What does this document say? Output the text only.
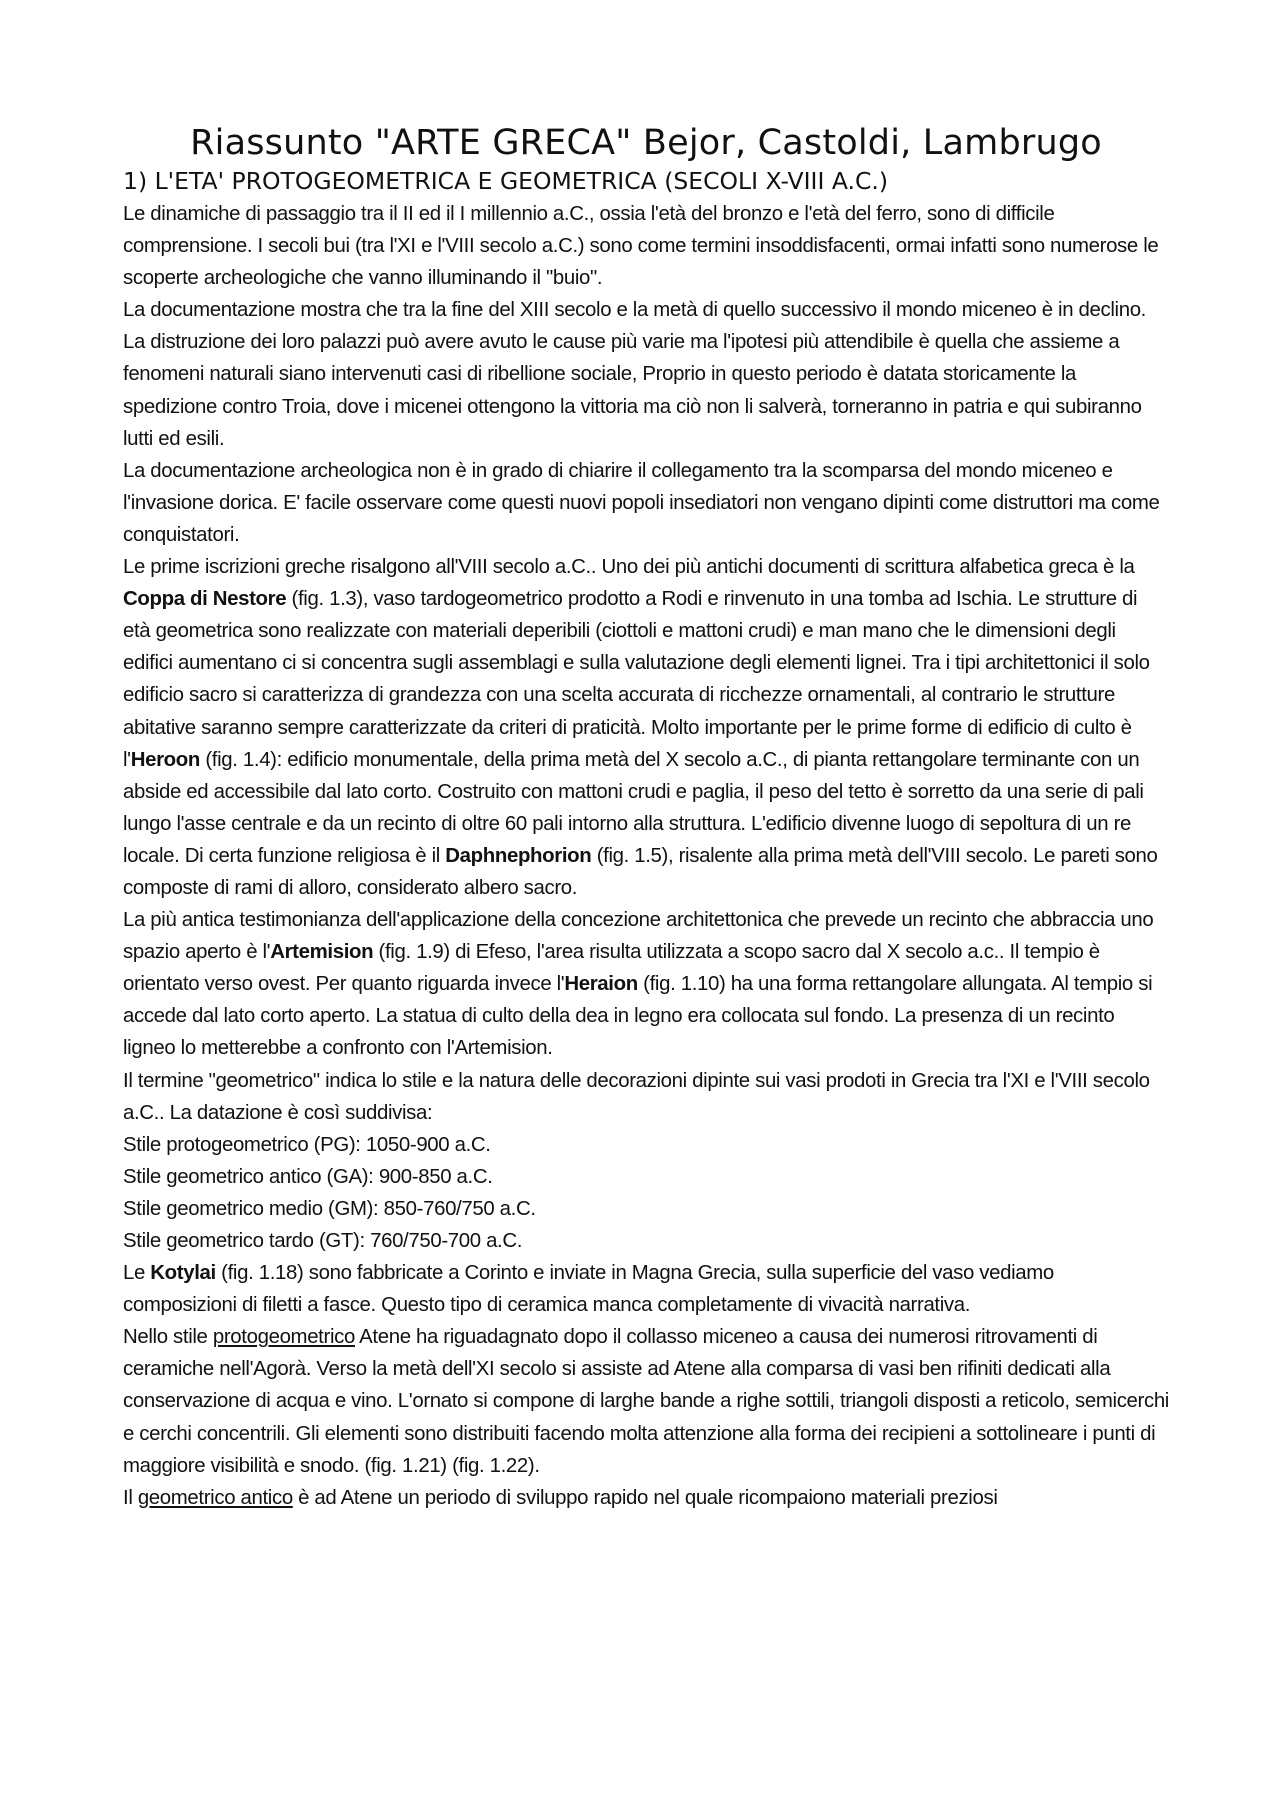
Riassunto "ARTE GRECA" Bejor, Castoldi, Lambrugo
1) L'ETA' PROTOGEOMETRICA E GEOMETRICA (SECOLI X-VIII A.C.)

Le dinamiche di passaggio tra il II ed il I millennio a.C., ossia l'età del bronzo e l'età del ferro, sono di difficile comprensione. I secoli bui (tra l'XI e l'VIII secolo a.C.) sono come termini insoddisfacenti, ormai infatti sono numerose le scoperte archeologiche che vanno illuminando il "buio".

La documentazione mostra che tra la fine del XIII secolo e la metà di quello successivo il mondo miceneo è in declino. La distruzione dei loro palazzi può avere avuto le cause più varie ma l'ipotesi più attendibile è quella che assieme a fenomeni naturali siano intervenuti casi di ribellione sociale, Proprio in questo periodo è datata storicamente la spedizione contro Troia, dove i micenei ottengono la vittoria ma ciò non li salverà, torneranno in patria e qui subiranno lutti ed esili.

La documentazione archeologica non è in grado di chiarire il collegamento tra la scomparsa del mondo miceneo e l'invasione dorica. E' facile osservare come questi nuovi popoli insediatori non vengano dipinti come distruttori ma come conquistatori.

Le prime iscrizioni greche risalgono all'VIII secolo a.C.. Uno dei più antichi documenti di scrittura alfabetica greca è la Coppa di Nestore (fig. 1.3), vaso tardogeometrico prodotto a Rodi e rinvenuto in una tomba ad Ischia. Le strutture di età geometrica sono realizzate con materiali deperibili (ciottoli e mattoni crudi) e man mano che le dimensioni degli edifici aumentano ci si concentra sugli assemblagi e sulla valutazione degli elementi lignei. Tra i tipi architettonici il solo edificio sacro si caratterizza di grandezza con una scelta accurata di ricchezze ornamentali, al contrario le strutture abitative saranno sempre caratterizzate da criteri di praticità. Molto importante per le prime forme di edificio di culto è l'Heroon (fig. 1.4): edificio monumentale, della prima metà del X secolo a.C., di pianta rettangolare terminante con un abside ed accessibile dal lato corto. Costruito con mattoni crudi e paglia, il peso del tetto è sorretto da una serie di pali lungo l'asse centrale e da un recinto di oltre 60 pali intorno alla struttura. L'edificio divenne luogo di sepoltura di un re locale. Di certa funzione religiosa è il Daphnephorion (fig. 1.5), risalente alla prima metà dell'VIII secolo. Le pareti sono composte di rami di alloro, considerato albero sacro.

La più antica testimonianza dell'applicazione della concezione architettonica che prevede un recinto che abbraccia uno spazio aperto è l'Artemision (fig. 1.9) di Efeso, l'area risulta utilizzata a scopo sacro dal X secolo a.c.. Il tempio è orientato verso ovest. Per quanto riguarda invece l'Heraion (fig. 1.10) ha una forma rettangolare allungata. Al tempio si accede dal lato corto aperto. La statua di culto della dea in legno era collocata sul fondo. La presenza di un recinto ligneo lo metterebbe a confronto con l'Artemision.

Il termine "geometrico" indica lo stile e la natura delle decorazioni dipinte sui vasi prodoti in Grecia tra l'XI e l'VIII secolo a.C.. La datazione è così suddivisa:

Stile protogeometrico (PG): 1050-900 a.C.

Stile geometrico antico (GA): 900-850 a.C.

Stile geometrico medio (GM): 850-760/750 a.C.

Stile geometrico tardo (GT): 760/750-700 a.C.

Le Kotylai (fig. 1.18) sono fabbricate a Corinto e inviate in Magna Grecia, sulla superficie del vaso vediamo composizioni di filetti a fasce. Questo tipo di ceramica manca completamente di vivacità narrativa.

Nello stile protogeometrico Atene ha riguadagnato dopo il collasso miceneo a causa dei numerosi ritrovamenti di ceramiche nell'Agorà. Verso la metà dell'XI secolo si assiste ad Atene alla comparsa di vasi ben rifiniti dedicati alla conservazione di acqua e vino. L'ornato si compone di larghe bande a righe sottili, triangoli disposti a reticolo, semicerchi e cerchi concentrili. Gli elementi sono distribuiti facendo molta attenzione alla forma dei recipieni a sottolineare i punti di maggiore visibilità e snodo. (fig. 1.21) (fig. 1.22).

Il geometrico antico è ad Atene un periodo di sviluppo rapido nel quale ricompaiono materiali preziosi
